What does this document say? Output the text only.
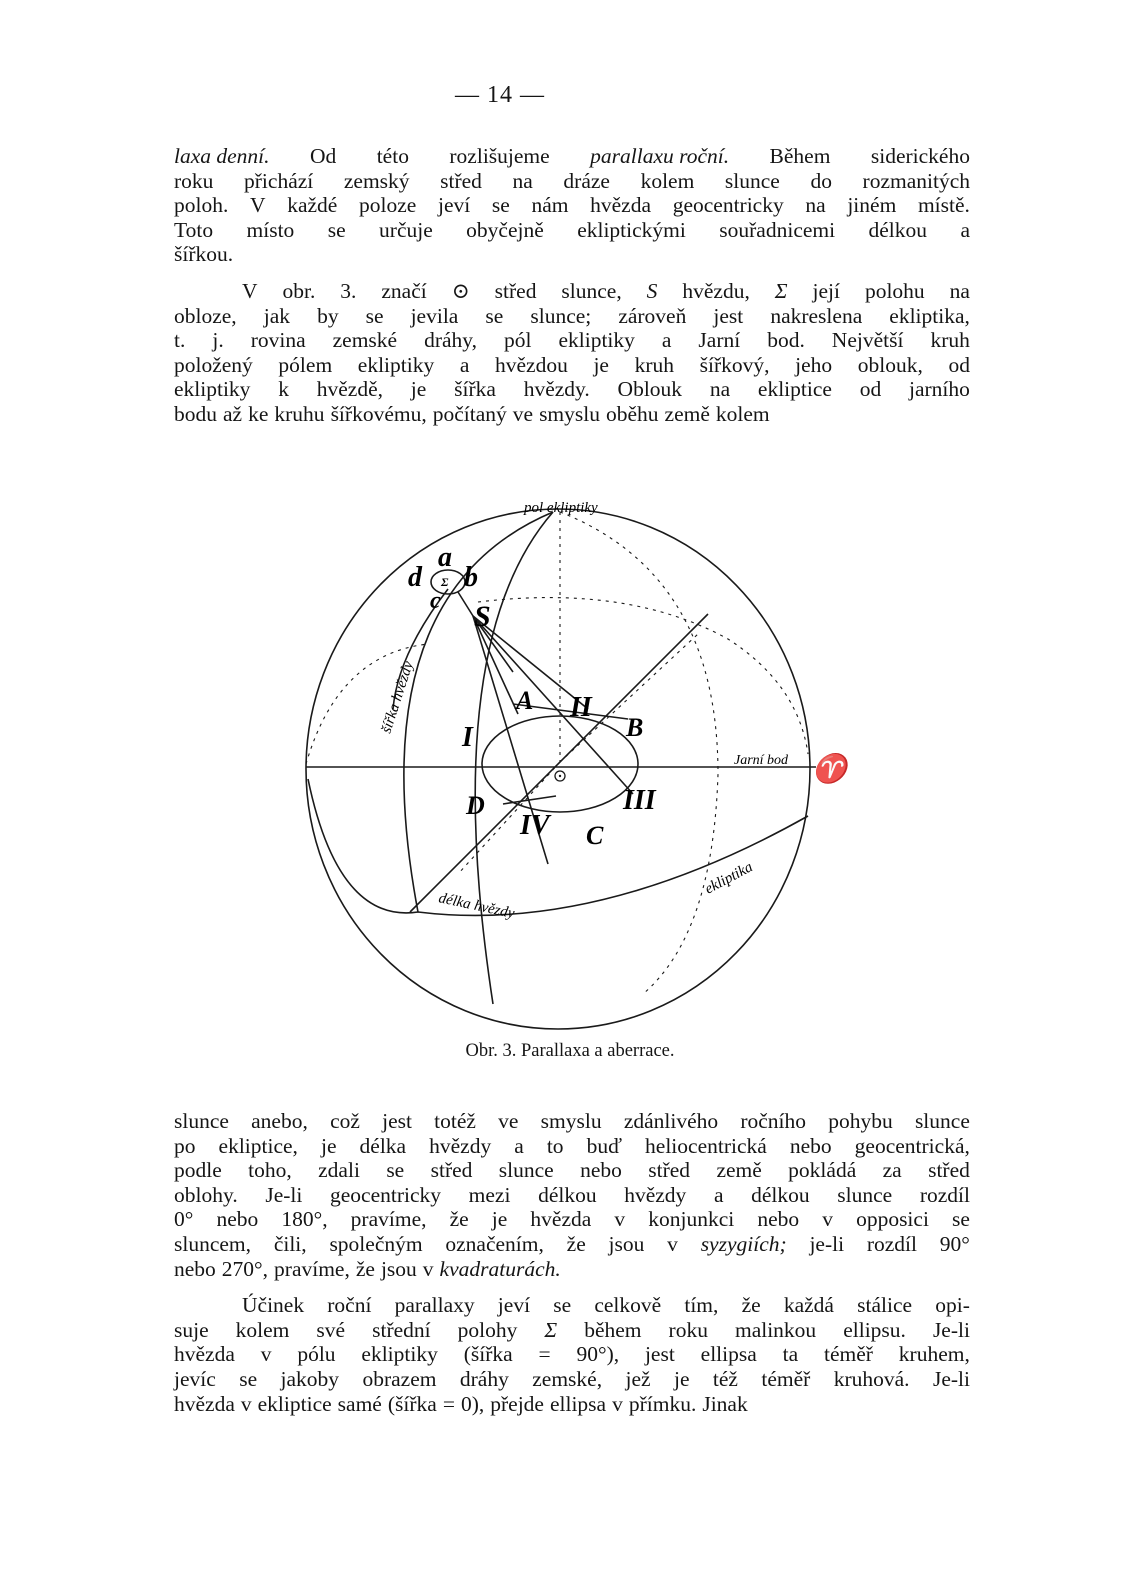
— 14 —
laxa denní. Od této rozlišujeme parallaxu roční. Během siderického
roku přichází zemský střed na dráze kolem slunce do rozmanitých
poloh. V každé poloze jeví se nám hvězda geocentricky na jiném místě.
Toto místo se určuje obyčejně ekliptickými souřadnicemi délkou a
šířkou.
V obr. 3. značí ⊙ střed slunce, S hvězdu, Σ její polohu na
obloze, jak by se jevila se slunce; zároveň jest nakreslena ekliptika,
t. j. rovina zemské dráhy, pól ekliptiky a Jarní bod. Největší kruh
položený pólem ekliptiky a hvězdou je kruh šířkový, jeho oblouk, od
ekliptiky k hvězdě, je šířka hvězdy. Oblouk na ekliptice od jarního
bodu až ke kruhu šířkovému, počítaný ve smyslu oběhu země kolem
pol ekliptiky
d
a
b
c
Σ
S
A
B
C
D
I
II
III
IV
šířka hvězdy
délka hvězdy
ekliptika
Jarní bod ♈
Obr. 3. Parallaxa a aberrace.
slunce anebo, což jest totéž ve smyslu zdánlivého ročního pohybu slunce
po ekliptice, je délka hvězdy a to buď heliocentrická nebo geocentrická,
podle toho, zdali se střed slunce nebo střed země pokládá za střed
oblohy. Je-li geocentricky mezi délkou hvězdy a délkou slunce rozdíl
0° nebo 180°, pravíme, že je hvězda v konjunkci nebo v opposici se
sluncem, čili, společným označením, že jsou v syzygiích; je-li rozdíl 90°
nebo 270°, pravíme, že jsou v kvadraturách.
Účinek roční parallaxy jeví se celkově tím, že každá stálice opi-
suje kolem své střední polohy Σ během roku malinkou ellipsu. Je-li
hvězda v pólu ekliptiky (šířka = 90°), jest ellipsa ta téměř kruhem,
jevíc se jakoby obrazem dráhy zemské, jež je též téměř kruhová. Je-li
hvězda v ekliptice samé (šířka = 0), přejde ellipsa v přímku. Jinak
